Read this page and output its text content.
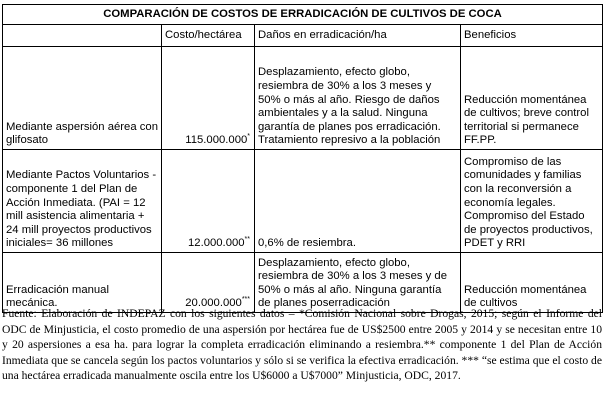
COMPARACIÓN DE COSTOS DE ERRADICACIÓN DE CULTIVOS DE COCA			
	Costo/hectárea	Daños en erradicación/ha	Beneficios
Mediante aspersión aérea con glifosato	115.000.000*	Desplazamiento, efecto globo, resiembra de 30% a los 3 meses y 50% o más al año. Riesgo de daños ambientales y a la salud. Ninguna garantía de planes pos erradicación. Tratamiento represivo a la población	Reducción momentánea de cultivos; breve control territorial si permanece FF.PP.
Mediante Pactos Voluntarios - componente 1 del Plan de Acción Inmediata. (PAI = 12 mill asistencia alimentaria + 24 mill proyectos productivos iniciales= 36 millones	12.000.000**	0,6% de resiembra.	Compromiso de las comunidades y familias con la reconversión a economía legales. Compromiso del Estado de proyectos productivos, PDET y RRI
Erradicación manual mecánica.	20.000.000***	Desplazamiento, efecto globo, resiembra de 30% a los 3 meses y de 50% o más al año. Ninguna garantía de planes poserradicación	Reducción momentánea de cultivos
Fuente: Elaboración de INDEPAZ con los siguientes datos – *Comisión Nacional sobre Drogas, 2015; según el Informe del ODC de Minjusticia, el costo promedio de una aspersión por hectárea fue de US$2500 entre 2005 y 2014 y se necesitan entre 10 y 20 aspersiones a esa ha. para lograr la completa erradicación eliminando a resiembra.** componente 1 del Plan de Acción Inmediata que se cancela según los pactos voluntarios y sólo si se verifica la efectiva erradicación. *** “se estima que el costo de una hectárea erradicada manualmente oscila entre los U$6000 a U$7000” Minjusticia, ODC, 2017.
